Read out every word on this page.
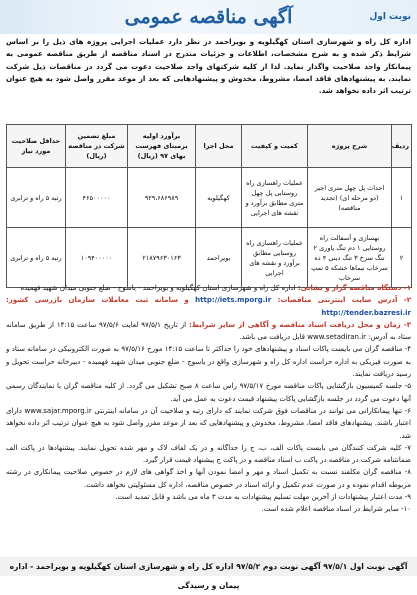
آگهی مناقصه عمومی	نوبت اول
اداره کل راه و شهرسازی استان کهگیلویه و بویراحمد در نظر دارد عملیات اجرایی پروژه های ذیل را بر اساس شرایط ذکر شده و به شرح مشخصات، اطلاعات و جزئیات مندرج در اسناد مناقصه از طریق مناقصه عمومی به پیمانکار واجد صلاحیت واگذار نماید. لذا از کلیه شرکتهای واجد صلاحیت دعوت می گردد در مناقصات ذیل شرکت نمایند. به پیشنهادهای فاقد امضا، مشروط، مخدوش و پیشنهادهایی که بعد از موعد مقرر واصل شود به هیچ عنوان ترتیب اثر داده نخواهد شد.
ردیف	شرح پروژه	کمیت و کیفیت	محل اجرا	برآورد اولیه برمبنای فهرست بهای ۹۷ (ریال)	مبلغ تضمین شرکت در مناقصه (ریال)	حداقل صلاحیت مورد نیاز
۱	احداث پل چهل متری اجیر (دو مرحله ای) (تجدید مناقصه)	عملیات راهسازی راه روستایی پل چهل متری مطابق برآورد و نقشه های اجرایی	کهگیلویه	۹۲۹،۶۸۶۹۸۹	۴۶۵۰۰۰۰۰	رتبه ۵ راه و ترابری
۲	بهسازی و آسفالت راه روستایی ۱ دم تنگ یاوری ۲ تنگ سرخ ۳ تنگ دینی ۴ ده سرخاب نیماها خشکه ۵ تمپ سرخاب	عملیات راهسازی راه روستایی مطابق برآورد و نقشه های اجرایی	بویراحمد	۲۱۸۷۹۶۳۰۱۶۳	۱۰۹۴۰۰۰۰۰	رتبه ۵ راه و ترابری

۱- دستگاه مناقصه گزار و نشانی: اداره کل راه و شهرسازی استان کهگیلویه و بویراحمد - یاسوج - ضلع جنوبی میدان شهید فهمیده

۲- آدرس سایت اینترنتی مناقصات: http://iets.mporg.ir و سامانه ثبت معاملات سازمان بازرسی کشور: http://tender.bazresi.ir

۳- زمان و محل دریافت اسناد مناقصه و آگاهی از سایر شرایط: از تاریخ ۹۷/۵/۱ لغایت ۹۷/۵/۶ ساعت ۱۴:۱۵ از طریق سامانه ستاد به آدرس: www.setadiran.ir قابل دریافت می باشد.

۴- مناقصه گران می بایست پاکات اسناد و پیشنهادهای خود را حداکثر تا ساعت ۱۴:۱۵ مورخ ۹۷/۵/۱۶ به صورت الکترونیکی در سامانه ستاد و به صورت فیزیکی به اداره حراست اداره کل راه و شهرسازی واقع در یاسوج - ضلع جنوبی میدان شهید فهمیده - دبیرخانه حراست تحویل و رسید دریافت نمایند.

۵- جلسه کمیسیون بازگشایی پاکات مناقصه مورخ ۹۷/۵/۱۷ راس ساعت ۸ صبح تشکیل می گردد. از کلیه مناقصه گران با نمایندگان رسمی آنها دعوت می گردد در جلسه بازگشایی پاکات پیشنهاد قیمت دعوت به عمل می آید.

۶- تنها پیمانکارانی می توانند در مناقصات فوق شرکت نمایند که دارای رتبه و صلاحیت آن در سامانه اینترنتی www.sajar.mporg.ir دارای اعتبار باشند. پیشنهادهای فاقد امضا، مشروط، مخدوش و پیشنهادهایی که بعد از موعد مقرر واصل شود به هیچ عنوان ترتیب اثر داده نخواهد شد.

۷- کلیه شرکت کنندگان می بایست پاکات الف، ب، ج را جداگانه و در یک لفاف لاک و مهر شده تحویل نمایند. پیشنهادها در پاکت الف ضمانتنامه شرکت در مناقصه در پاکت ب اسناد مناقصه و در پاکت ج پیشنهاد قیمت قرار گیرد.

۸- مناقصه گران مکلفند نسبت به تکمیل اسناد و مهر و امضا نمودن آنها و اخذ گواهی های لازم در خصوص صلاحیت پیمانکاری در رشته مربوطه اقدام نموده و در صورت عدم تکمیل و ارائه اسناد در خصوص مناقصه، اداره کل مسئولیتی نخواهد داشت.

۹- مدت اعتبار پیشنهادات از آخرین مهلت تسلیم پیشنهادات به مدت ۳ ماه می باشد و قابل تمدید است.

۱۰- سایر شرایط در اسناد مناقصه اعلام شده است.

آگهی نوبت اول ۹۷/۵/۱ آگهی نوبت دوم ۹۷/۵/۲ اداره کل راه و شهرسازی استان کهگیلویه و بویراحمد - اداره پیمان و رسیدگی
